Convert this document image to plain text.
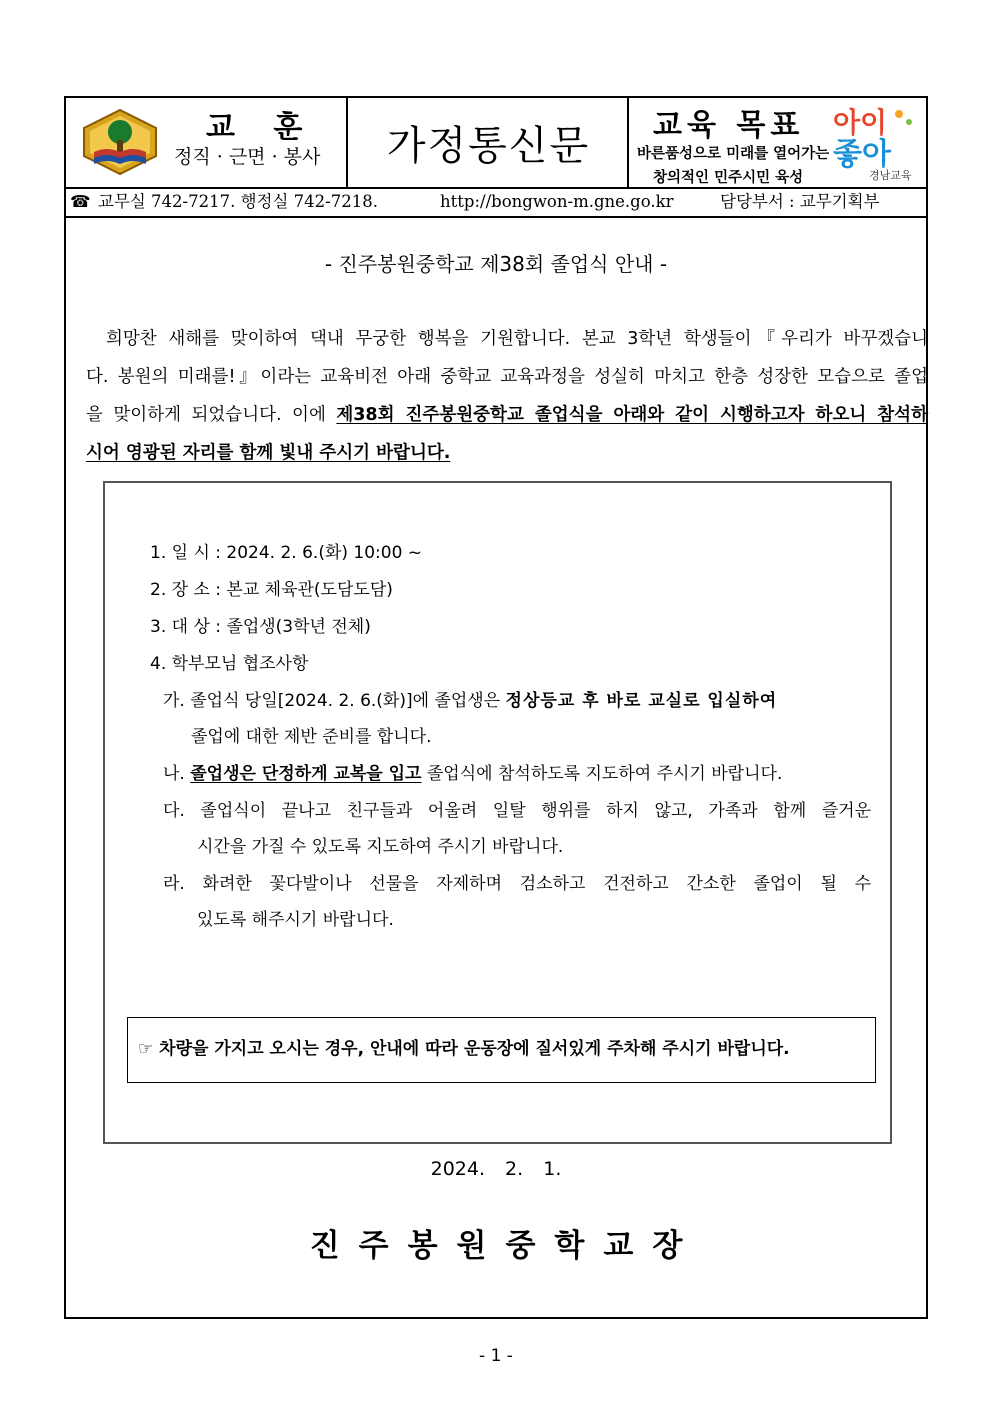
교 훈
정직 · 근면 · 봉사	가정통신문	교육 목표
바른품성으로 미래를 열어가는
창의적인 민주시민 육성
아이
좋아
경남교육
☎ 교무실 742-7217. 행정실 742-7218.	http://bongwon-m.gne.go.kr	담당부서 : 교무기획부
- 진주봉원중학교 제38회 졸업식 안내 -
희망찬 새해를 맞이하여 댁내 무궁한 행복을 기원합니다. 본교 3학년 학생들이『우리가 바꾸겠습니
다. 봉원의 미래를!』이라는 교육비전 아래 중학교 교육과정을 성실히 마치고 한층 성장한 모습으로 졸업
을 맞이하게 되었습니다. 이에 제38회 진주봉원중학교 졸업식을 아래와 같이 시행하고자 하오니 참석하
시어 영광된 자리를 함께 빛내 주시기 바랍니다.
1. 일 시 : 2024. 2. 6.(화) 10:00 ~
2. 장 소 : 본교 체육관(도담도담)
3. 대 상 : 졸업생(3학년 전체)
4. 학부모님 협조사항
가. 졸업식 당일[2024. 2. 6.(화)]에 졸업생은 정상등교 후 바로 교실로 입실하여
졸업에 대한 제반 준비를 합니다.
나. 졸업생은 단정하게 교복을 입고 졸업식에 참석하도록 지도하여 주시기 바랍니다.
다. 졸업식이 끝나고 친구들과 어울려 일탈 행위를 하지 않고, 가족과 함께 즐거운
시간을 가질 수 있도록 지도하여 주시기 바랍니다.
라. 화려한 꽃다발이나 선물을 자제하며 검소하고 건전하고 간소한 졸업이 될 수
있도록 해주시기 바랍니다.
☞ 차량을 가지고 오시는 경우, 안내에 따라 운동장에 질서있게 주차해 주시기 바랍니다.
2024. 2. 1.
진주봉원중학교장
- 1 -
